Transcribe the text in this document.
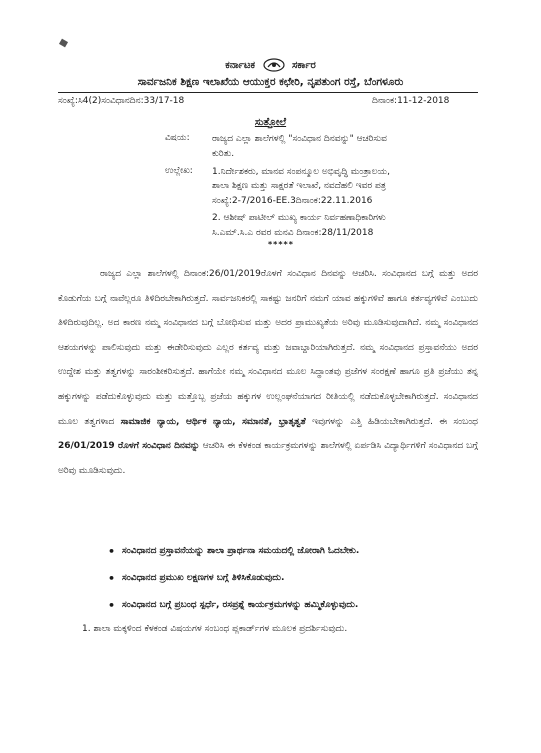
ಕರ್ನಾಟಕ	ಸರ್ಕಾರ
ಸಾರ್ವಜನಿಕ ಶಿಕ್ಷಣ ಇಲಾಖೆಯ ಆಯುಕ್ತರ ಕಛೇರಿ, ನೃಪತುಂಗ ರಸ್ತೆ, ಬೆಂಗಳೂರು
ಸಂಖ್ಯೆ:ಸಿ4(2)ಸಂವಿಧಾನದಿನ:33/17-18	ದಿನಾಂಕ:11-12-2018
ಸುತ್ತೋಲೆ
ವಿಷಯ: ರಾಜ್ಯದ ಎಲ್ಲಾ ಶಾಲೆಗಳಲ್ಲಿ "ಸಂವಿಧಾನ ದಿನವನ್ನು" ಆಚರಿಸುವ
ಕುರಿತು.
ಉಲ್ಲೇಖ: 1.ನಿರ್ದೇಶಕರು, ಮಾನವ ಸಂಪನ್ಮೂಲ ಅಭಿವೃದ್ಧಿ ಮಂತ್ರಾಲಯ,
ಶಾಲಾ ಶಿಕ್ಷಣ ಮತ್ತು ಸಾಕ್ಷರತೆ ಇಲಾಖೆ, ನವದೆಹಲಿ ಇವರ ಪತ್ರ
ಸಂಖ್ಯೆ:2-7/2016-EE.3ದಿನಾಂಕ:22.11.2016
2. ಆಶೀಷ್ ಪಾಟೀಲ್ ಮುಖ್ಯ ಕಾರ್ಯ ನಿರ್ವಹಣಾಧಿಕಾರಿಗಳು
ಸಿ.ಎಮ್.ಸಿ.ಎ ರವರ ಮನವಿ ದಿನಾಂಕ:28/11/2018
*****
ರಾಜ್ಯದ ಎಲ್ಲಾ ಶಾಲೆಗಳಲ್ಲಿ ದಿನಾಂಕ:26/01/2019ರೊಳಗೆ ಸಂವಿಧಾನ ದಿನವನ್ನು ಆಚರಿಸಿ. ಸಂವಿಧಾನದ ಬಗ್ಗೆ ಮತ್ತು ಅದರ ಕೊಡುಗೆಯ ಬಗ್ಗೆ ನಾವೆಲ್ಲರೂ ತಿಳಿದಿರಬೇಕಾಗಿರುತ್ತದೆ. ಸಾರ್ವಜನಿಕರಲ್ಲಿ ಸಾಕಷ್ಟು ಜನರಿಗೆ ನಮಗೆ ಯಾವ ಹಕ್ಕುಗಳಿವೆ ಹಾಗೂ ಕರ್ತವ್ಯಗಳಿವೆ ಎಂಬುದು ತಿಳಿದಿರುವುದಿಲ್ಲ. ಅದ ಕಾರಣ ನಮ್ಮ ಸಂವಿಧಾನದ ಬಗ್ಗೆ ಬೋಧಿಸುವ ಮತ್ತು ಅದರ ಪ್ರಾಮುಖ್ಯತೆಯ ಅರಿವು ಮೂಡಿಸುವುದಾಗಿದೆ. ನಮ್ಮ ಸಂವಿಧಾನದ ಆಶಯಗಳನ್ನು ಪಾಲಿಸುವುದು ಮತ್ತು ಈಡೇರಿಸುವುದು ಎಲ್ಲರ ಕರ್ತವ್ಯ ಮತ್ತು ಜವಾಬ್ದಾರಿಯಾಗಿರುತ್ತದೆ. ನಮ್ಮ ಸಂವಿಧಾನದ ಪ್ರಸ್ತಾವನೆಯು ಅದರ ಉದ್ದೇಶ ಮತ್ತು ತತ್ವಗಳನ್ನು ಸಾರಂಶೀಕರಿಸುತ್ತದೆ. ಹಾಗೆಯೇ ನಮ್ಮ ಸಂವಿಧಾನದ ಮೂಲ ಸಿದ್ಧಾಂತವು ಪ್ರಜೆಗಳ ಸಂರಕ್ಷಣೆ ಹಾಗೂ ಪ್ರತಿ ಪ್ರಜೆಯು ತನ್ನ ಹಕ್ಕುಗಳನ್ನು ಪಡೆದುಕೊಳ್ಳುವುದು ಮತ್ತು ಮತ್ತೊಬ್ಬ ಪ್ರಜೆಯ ಹಕ್ಕುಗಳ ಉಲ್ಲಂಘನೆಯಾಗದ ರೀತಿಯಲ್ಲಿ ನಡೆದುಕೊಳ್ಳಬೇಕಾಗಿರುತ್ತದೆ. ಸಂವಿಧಾನದ ಮೂಲ ತತ್ವಗಳಾದ ಸಾಮಾಜಿಕ ನ್ಯಾಯ, ಆರ್ಥಿಕ ನ್ಯಾಯ, ಸಮಾನತೆ, ಭ್ರಾತೃತ್ವತೆ ಇವುಗಳನ್ನು ಎತ್ತಿ ಹಿಡಿಯಬೇಕಾಗಿರುತ್ತದೆ. ಈ ಸಂಬಂಧ 26/01/2019 ರೊಳಗೆ ಸಂವಿಧಾನ ದಿನವನ್ನು ಆಚರಿಸಿ ಈ ಕೆಳಕಂಡ ಕಾರ್ಯಕ್ರಮಗಳನ್ನು ಶಾಲೆಗಳಲ್ಲಿ ಏರ್ಪಡಿಸಿ ವಿದ್ಯಾರ್ಥಿಗಳಿಗೆ ಸಂವಿಧಾನದ ಬಗ್ಗೆ ಅರಿವು ಮೂಡಿಸುವುದು.
• ಸಂವಿಧಾನದ ಪ್ರಸ್ತಾವನೆಯನ್ನು ಶಾಲಾ ಪ್ರಾರ್ಥನಾ ಸಮಯದಲ್ಲಿ ಜೋರಾಗಿ ಓದಬೇಕು.
• ಸಂವಿಧಾನದ ಪ್ರಮುಖ ಲಕ್ಷಣಗಳ ಬಗ್ಗೆ ತಿಳಿಸಿಕೊಡುವುದು.
• ಸಂವಿಧಾನದ ಬಗ್ಗೆ ಪ್ರಬಂಧ ಸ್ಪರ್ಧೆ, ರಸಪ್ರಶ್ನೆ ಕಾರ್ಯಕ್ರಮಗಳನ್ನು ಹಮ್ಮಿಕೊಳ್ಳುವುದು.
1. ಶಾಲಾ ಮಕ್ಕಳಿಂದ ಕೆಳಕಂಡ ವಿಷಯಗಳ ಸಂಬಂಧ ಪ್ಲಕಾರ್ಡ್‌ಗಳ ಮೂಲಕ ಪ್ರದರ್ಶಿಸುವುದು.
